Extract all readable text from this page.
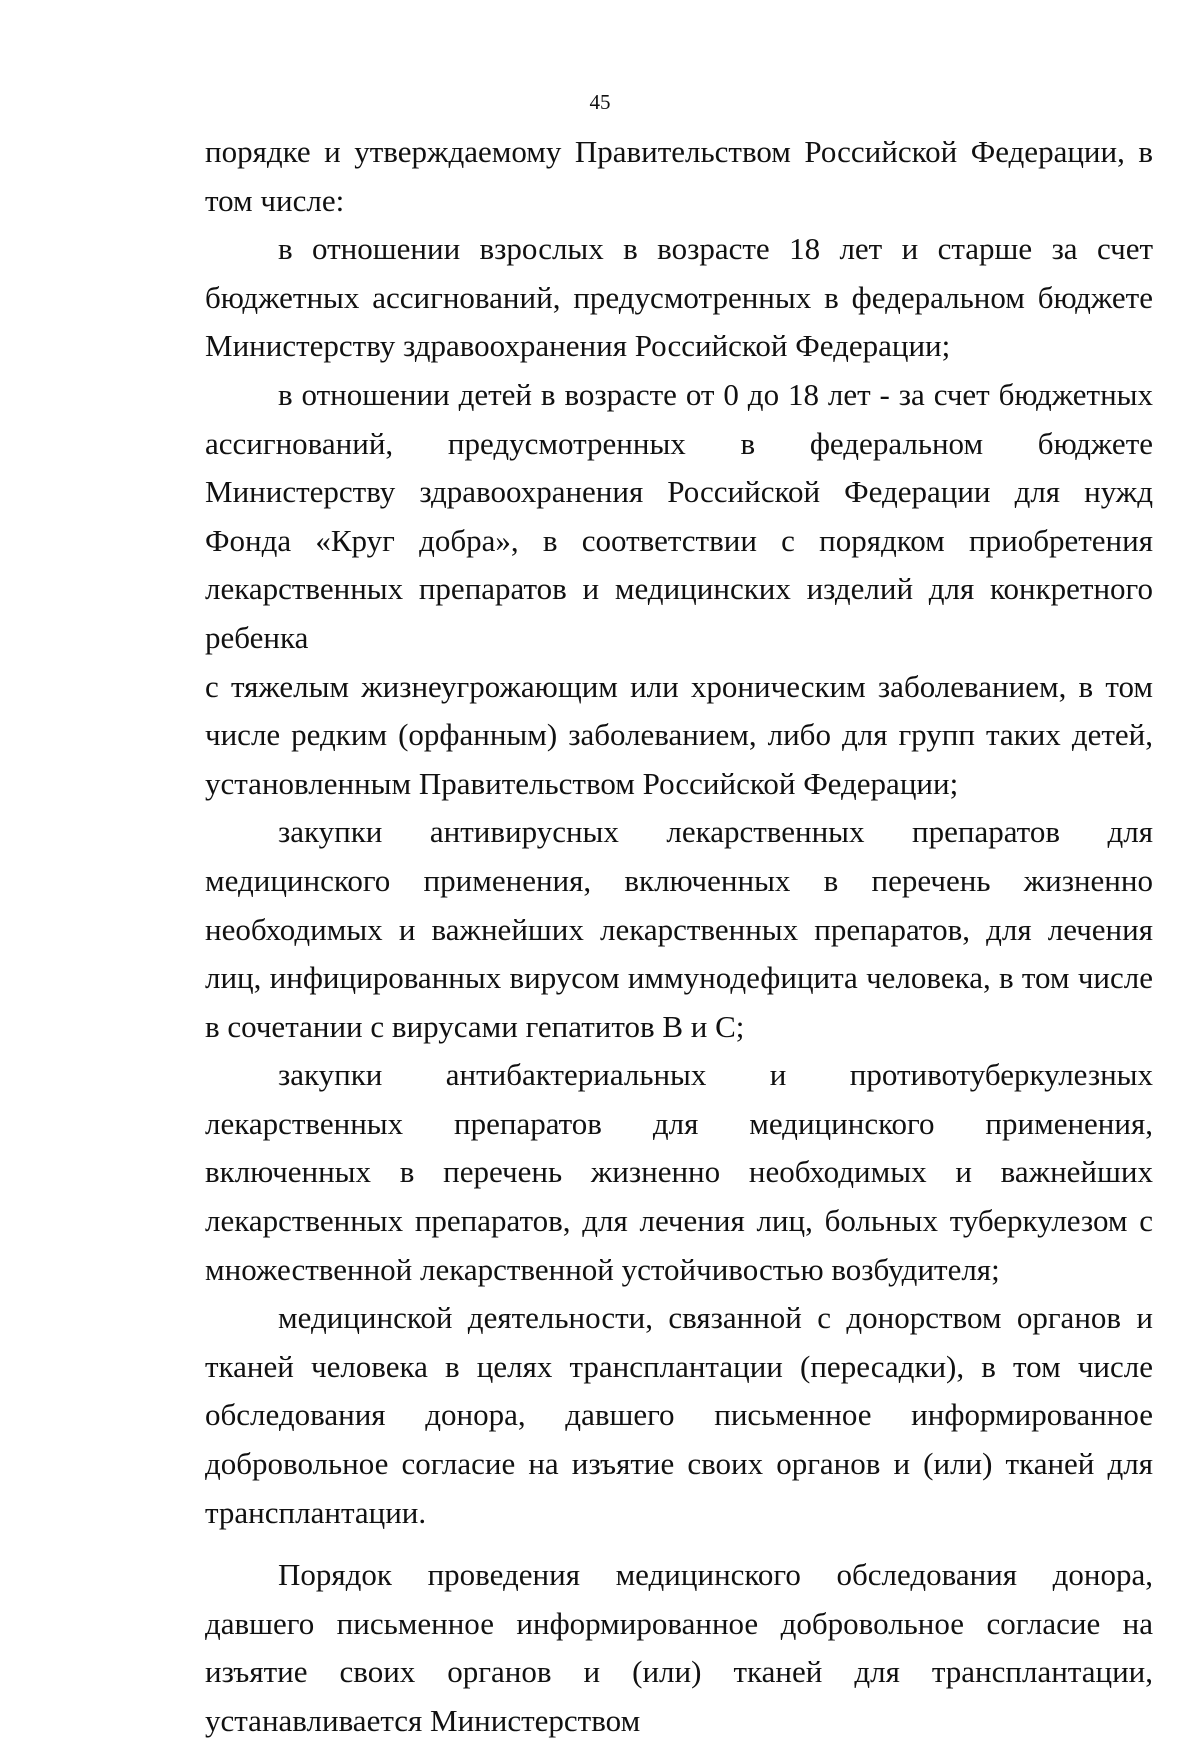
45

порядке и утверждаемому Правительством Российской Федерации, в том числе:

в отношении взрослых в возрасте 18 лет и старше за счет бюджетных ассигнований, предусмотренных в федеральном бюджете Министерству здравоохранения Российской Федерации;

в отношении детей в возрасте от 0 до 18 лет - за счет бюджетных ассигнований, предусмотренных в федеральном бюджете Министерству здравоохранения Российской Федерации для нужд Фонда «Круг добра», в соответствии с порядком приобретения лекарственных препаратов и медицинских изделий для конкретного ребенка

с тяжелым жизнеугрожающим или хроническим заболеванием, в том числе редким (орфанным) заболеванием, либо для групп таких детей, установленным Правительством Российской Федерации;

закупки антивирусных лекарственных препаратов для медицинского применения, включенных в перечень жизненно необходимых и важнейших лекарственных препаратов, для лечения лиц, инфицированных вирусом иммунодефицита человека, в том числе в сочетании с вирусами гепатитов В и С;

закупки антибактериальных и противотуберкулезных лекарственных препаратов для медицинского применения, включенных в перечень жизненно необходимых и важнейших лекарственных препаратов, для лечения лиц, больных туберкулезом с множественной лекарственной устойчивостью возбудителя;

медицинской деятельности, связанной с донорством органов и тканей человека в целях трансплантации (пересадки), в том числе обследования донора, давшего письменное информированное добровольное согласие на изъятие своих органов и (или) тканей для трансплантации.

Порядок проведения медицинского обследования донора, давшего письменное информированное добровольное согласие на изъятие своих органов и (или) тканей для трансплантации, устанавливается Министерством
